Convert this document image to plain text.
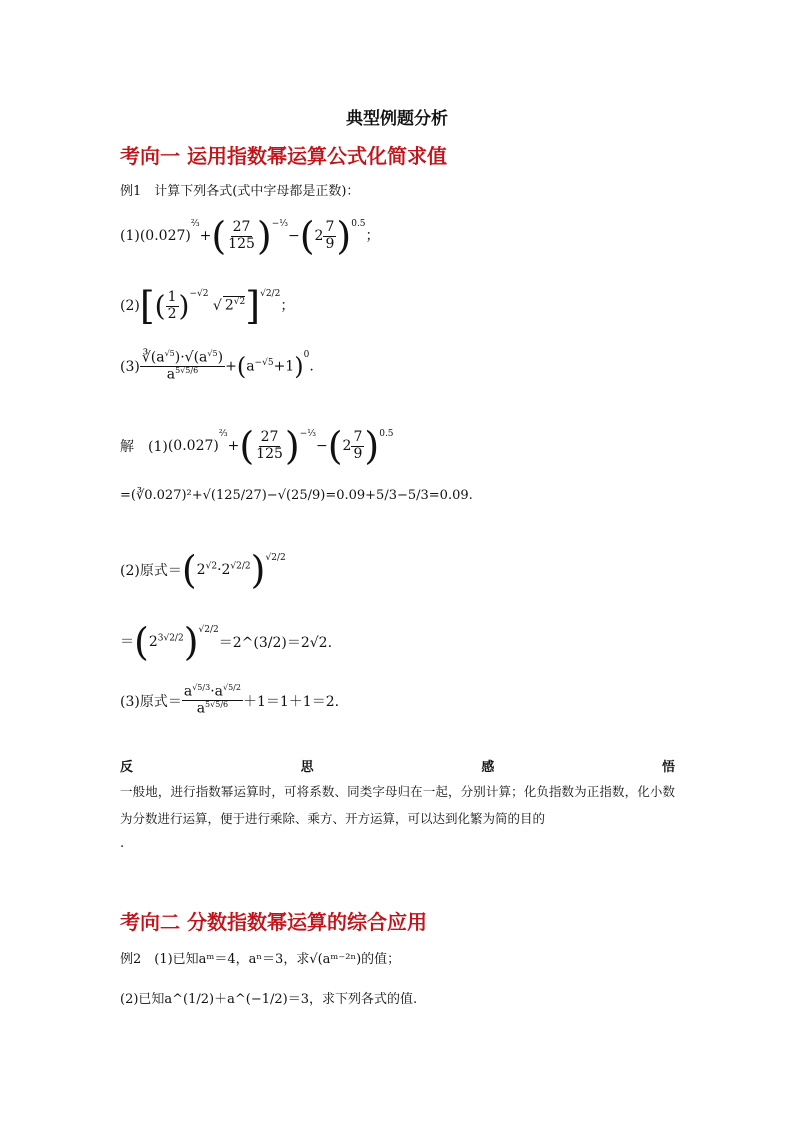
典型例题分析
考向一 运用指数幂运算公式化简求值
例1　计算下列各式(式中字母都是正数)：
(1) $(0.027)^{\frac{2}{3}}+( \frac{27}{125} )^{-\frac{1}{3}}-(2 \frac{7}{9} )^{0.5}$；
(2) [( $\frac{1}{2} )^{-√2}$ √ $2^{√2}]^{√2/2}$；
$(3) \frac{∛(a^{√5})\cdot√(a^{√5})}{a^{5√5/6}} +(a^{-√5}+1)^0$.
解　(1) $(0.027)^{\frac{2}{3}}+( \frac{27}{125} )^{-\frac{1}{3}}-(2 \frac{7}{9} )^{0.5}$
=(∛0.027)²+√(125/27)−√(25/9)=0.09+5/3−5/3=0.09.
(2)原式＝ $(2^{√2}\cdot 2^{√2/2})^{√2/2}$
$=(2^{3√2/2})^{√2/2}$
＝2^(3/2)＝2√2.
(3)原式＝ $\frac{a^{√5/3}\cdot a^{√5/2}}{a^{5√5/6}} +1=1+1=2$.
反	思	感	悟
一般地，进行指数幂运算时，可将系数、同类字母归在一起，分别计算；化负指数为正指数，化小数为分数进行运算，便于进行乘除、乘方、开方运算，可以达到化繁为简的目的
.
考向二 分数指数幂运算的综合应用
例2　(1)已知aᵐ＝4，aⁿ＝3，求√(aᵐ⁻²ⁿ)的值；
(2)已知a^(1/2)＋a^(−1/2)＝3，求下列各式的值.
